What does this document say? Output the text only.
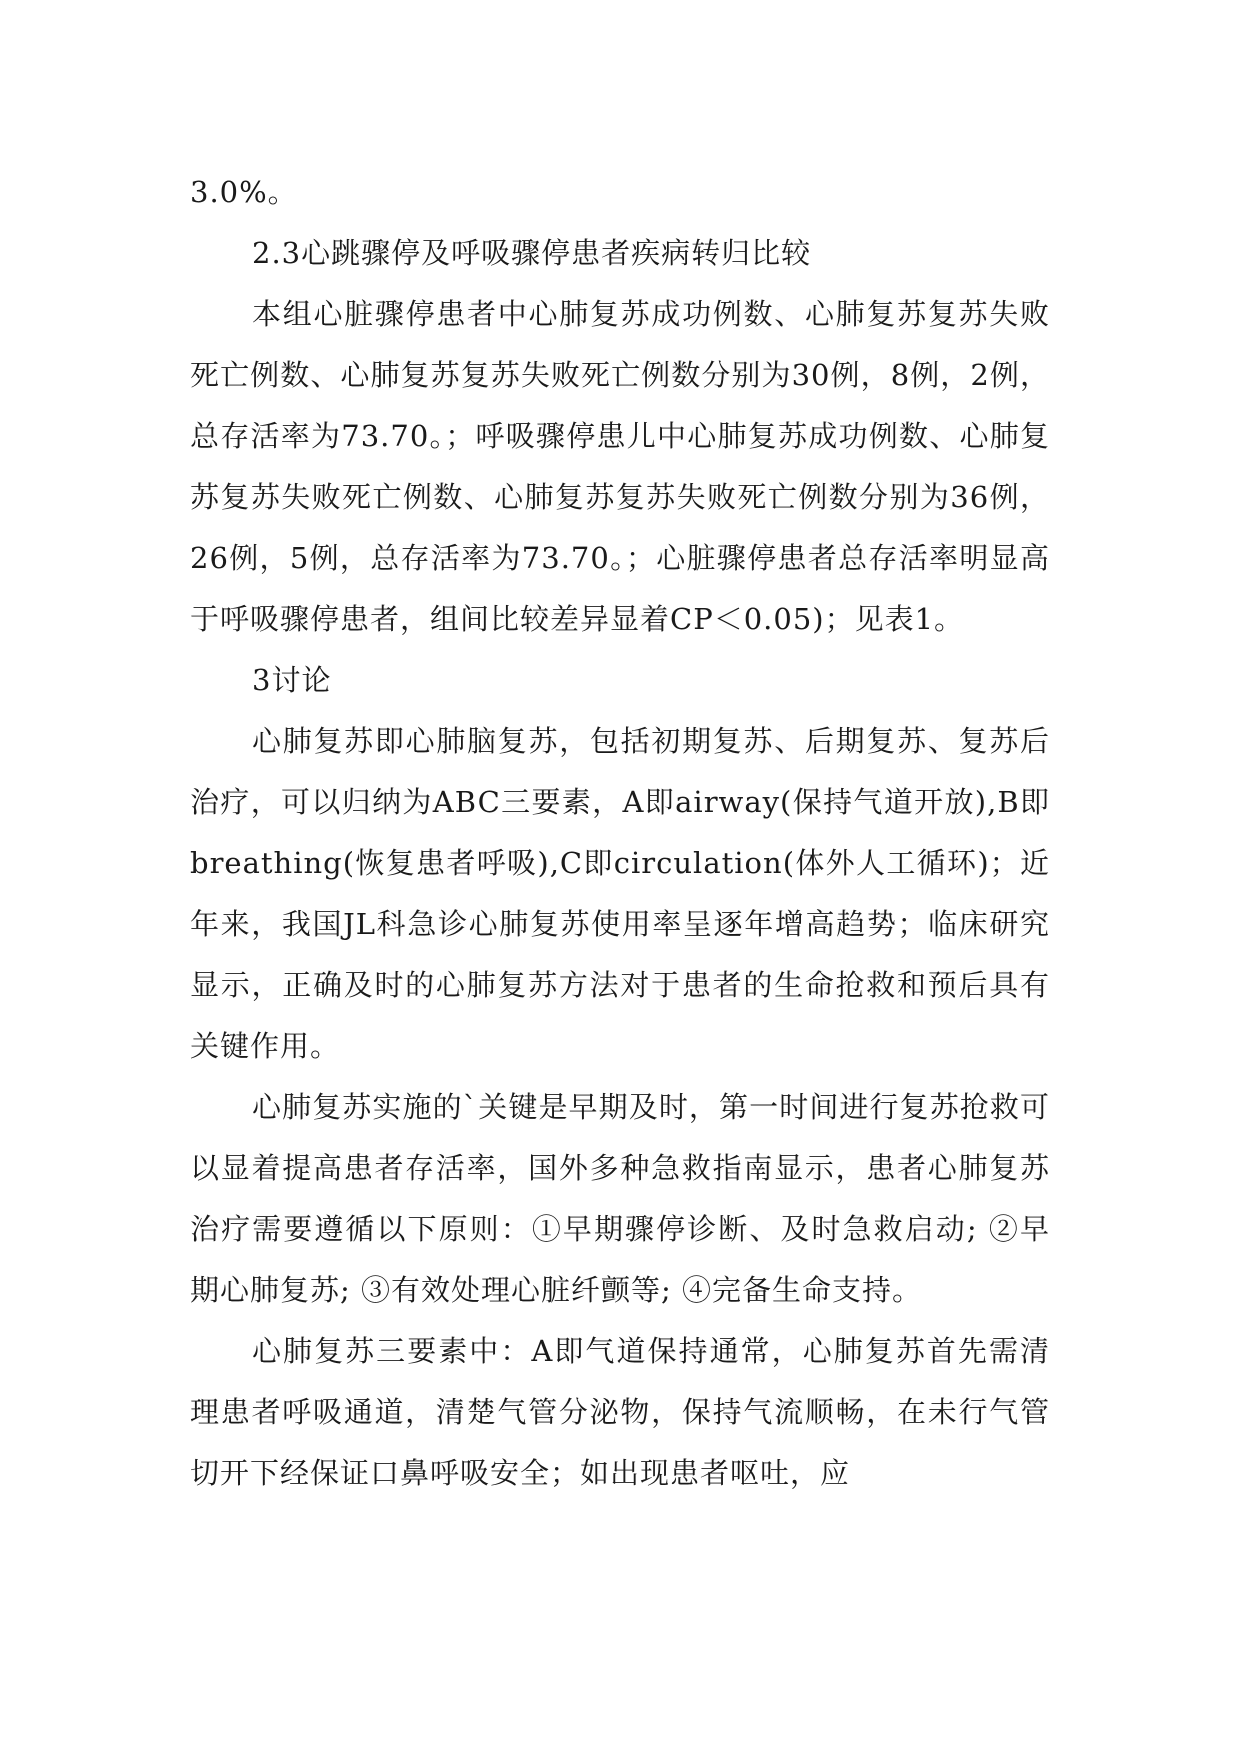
3.0%。

2.3心跳骤停及呼吸骤停患者疾病转归比较

本组心脏骤停患者中心肺复苏成功例数、心肺复苏复苏失败死亡例数、心肺复苏复苏失败死亡例数分别为30例，8例，2例，总存活率为73.70。；呼吸骤停患儿中心肺复苏成功例数、心肺复苏复苏失败死亡例数、心肺复苏复苏失败死亡例数分别为36例，26例，5例，总存活率为73.70。；心脏骤停患者总存活率明显高于呼吸骤停患者，组间比较差异显着CP＜0.05)；见表1。

3讨论

心肺复苏即心肺脑复苏，包括初期复苏、后期复苏、复苏后治疗，可以归纳为ABC三要素，A即airway(保持气道开放),B即breathing(恢复患者呼吸),C即circulation(体外人工循环)；近年来，我国JL科急诊心肺复苏使用率呈逐年增高趋势；临床研究显示，正确及时的心肺复苏方法对于患者的生命抢救和预后具有关键作用。

心肺复苏实施的`关键是早期及时，第一时间进行复苏抢救可以显着提高患者存活率，国外多种急救指南显示，患者心肺复苏治疗需要遵循以下原则：①早期骤停诊断、及时急救启动; ②早期心肺复苏; ③有效处理心脏纤颤等; ④完备生命支持。

心肺复苏三要素中：A即气道保持通常，心肺复苏首先需清理患者呼吸通道，清楚气管分泌物，保持气流顺畅，在未行气管切开下经保证口鼻呼吸安全；如出现患者呕吐，应
